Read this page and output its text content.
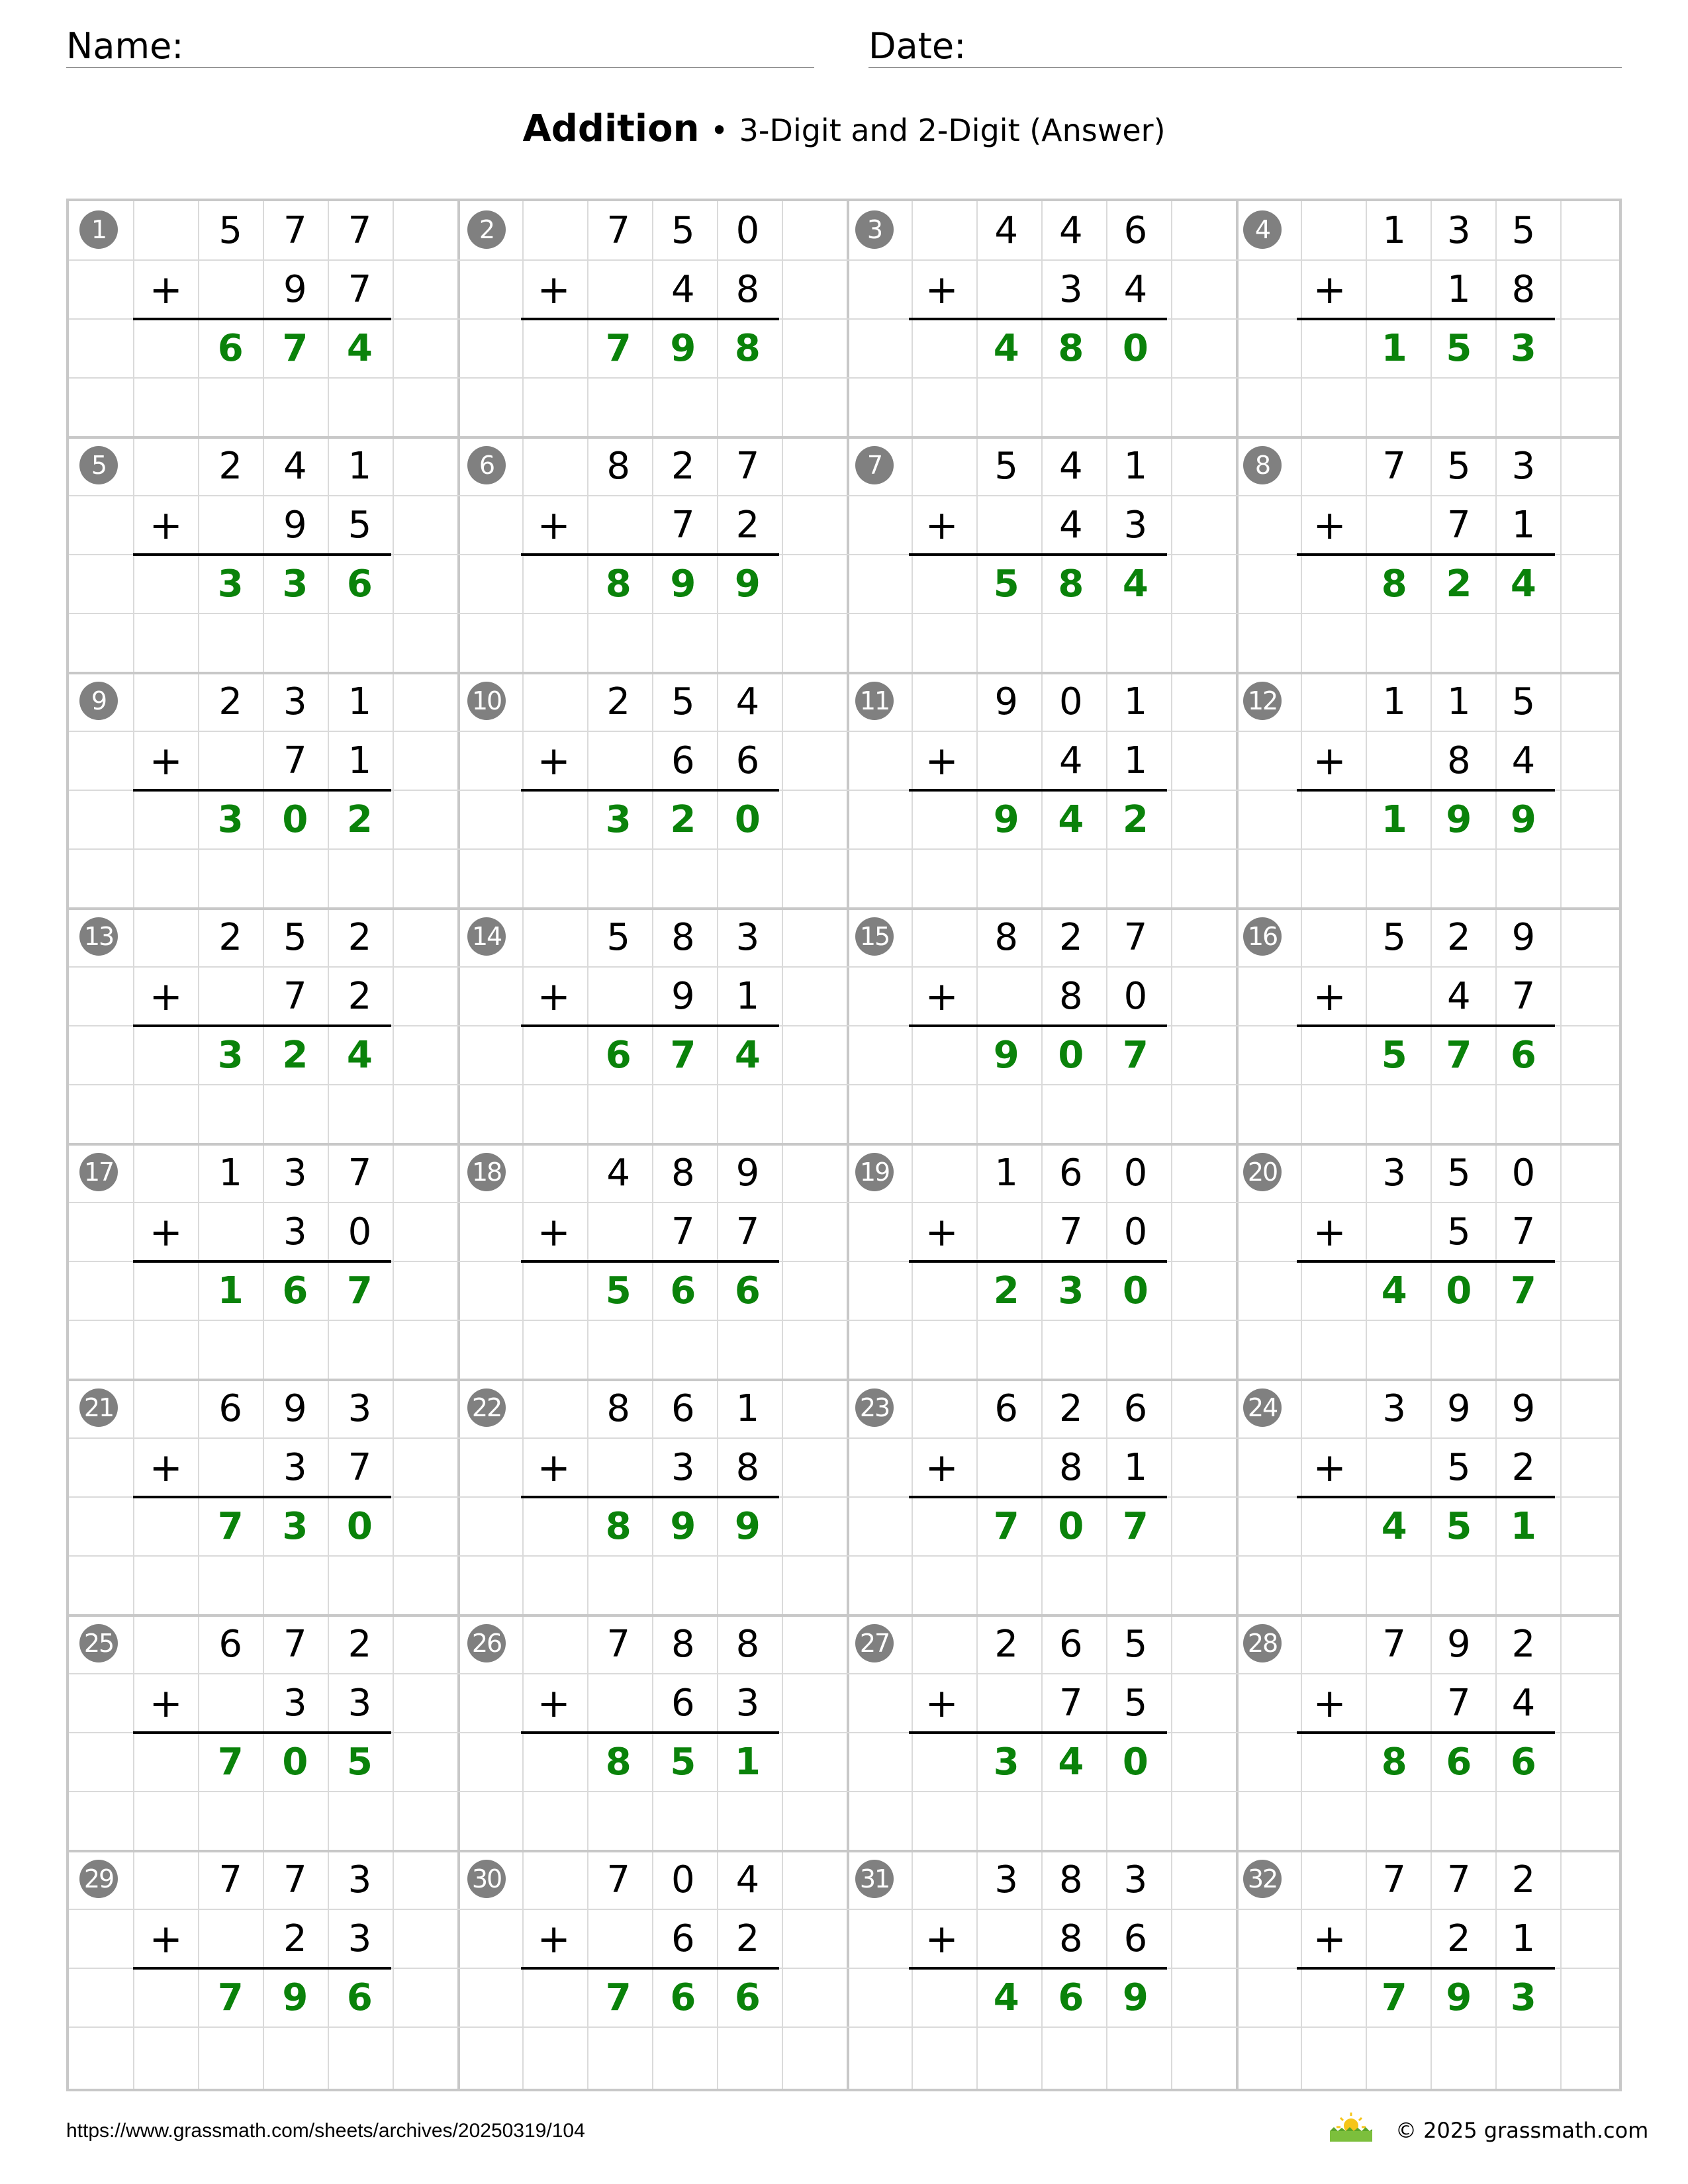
Name:	Date:
Addition • 3-Digit and 2-Digit (Answer)
1	5	7	7
+	9	7
6	7	4
2	7	5	0
+	4	8
7	9	8
3	4	4	6
+	3	4
4	8	0
4	1	3	5
+	1	8
1	5	3
5	2	4	1
+	9	5
3	3	6
6	8	2	7
+	7	2
8	9	9
7	5	4	1
+	4	3
5	8	4
8	7	5	3
+	7	1
8	2	4
9	2	3	1
+	7	1
3	0	2
10	2	5	4
+	6	6
3	2	0
11	9	0	1
+	4	1
9	4	2
12	1	1	5
+	8	4
1	9	9
13	2	5	2
+	7	2
3	2	4
14	5	8	3
+	9	1
6	7	4
15	8	2	7
+	8	0
9	0	7
16	5	2	9
+	4	7
5	7	6
17	1	3	7
+	3	0
1	6	7
18	4	8	9
+	7	7
5	6	6
19	1	6	0
+	7	0
2	3	0
20	3	5	0
+	5	7
4	0	7
21	6	9	3
+	3	7
7	3	0
22	8	6	1
+	3	8
8	9	9
23	6	2	6
+	8	1
7	0	7
24	3	9	9
+	5	2
4	5	1
25	6	7	2
+	3	3
7	0	5
26	7	8	8
+	6	3
8	5	1
27	2	6	5
+	7	5
3	4	0
28	7	9	2
+	7	4
8	6	6
29	7	7	3
+	2	3
7	9	6
30	7	0	4
+	6	2
7	6	6
31	3	8	3
+	8	6
4	6	9
32	7	7	2
+	2	1
7	9	3
https://www.grassmath.com/sheets/archives/20250319/104	© 2025 grassmath.com
